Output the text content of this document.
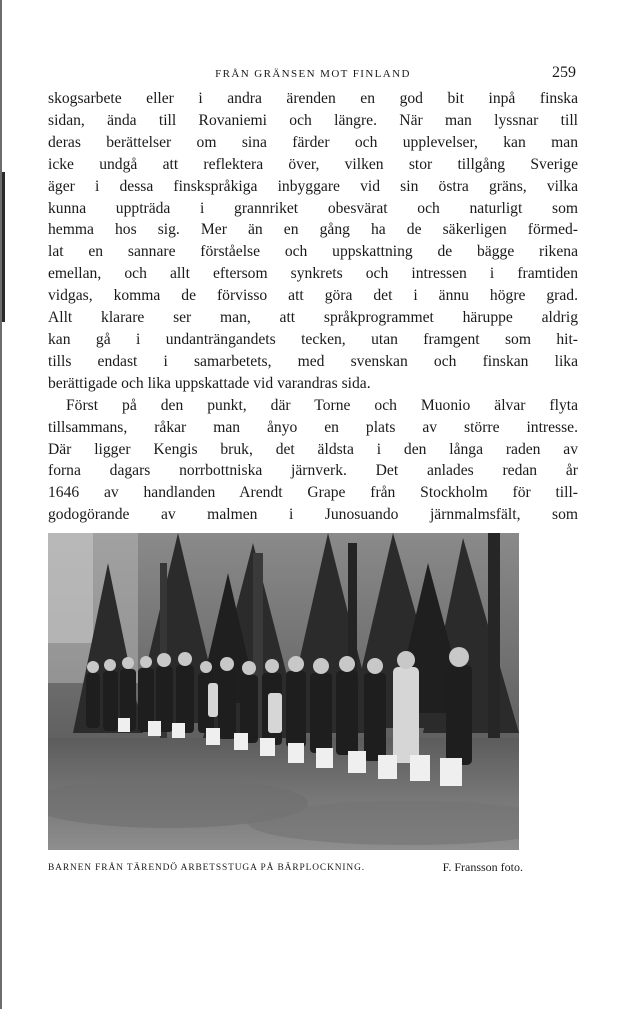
FRÅN GRÄNSEN MOT FINLAND	259
skogsarbete eller i andra ärenden en god bit inpå finska
sidan, ända till Rovaniemi och längre. När man lyssnar till
deras berättelser om sina färder och upplevelser, kan man
icke undgå att reflektera över, vilken stor tillgång Sverige
äger i dessa finskspråkiga inbyggare vid sin östra gräns, vilka
kunna uppträda i grannriket obesvärat och naturligt som
hemma hos sig. Mer än en gång ha de säkerligen förmed-
lat en sannare förståelse och uppskattning de bägge rikena
emellan, och allt eftersom synkrets och intressen i framtiden
vidgas, komma de förvisso att göra det i ännu högre grad.
Allt klarare ser man, att språkprogrammet häruppe aldrig
kan gå i undanträngandets tecken, utan framgent som hit-
tills endast i samarbetets, med svenskan och finskan lika
berättigade och lika uppskattade vid varandras sida.
Först på den punkt, där Torne och Muonio älvar flyta
tillsammans, råkar man ånyo en plats av större intresse.
Där ligger Kengis bruk, det äldsta i den långa raden av
forna dagars norrbottniska järnverk. Det anlades redan år
1646 av handlanden Arendt Grape från Stockholm för till-
godogörande av malmen i Junosuando järnmalmsfält, som
BARNEN FRÅN TÄRENDÖ ARBETSSTUGA PÅ BÄRPLOCKNING.	F. Fransson foto.
